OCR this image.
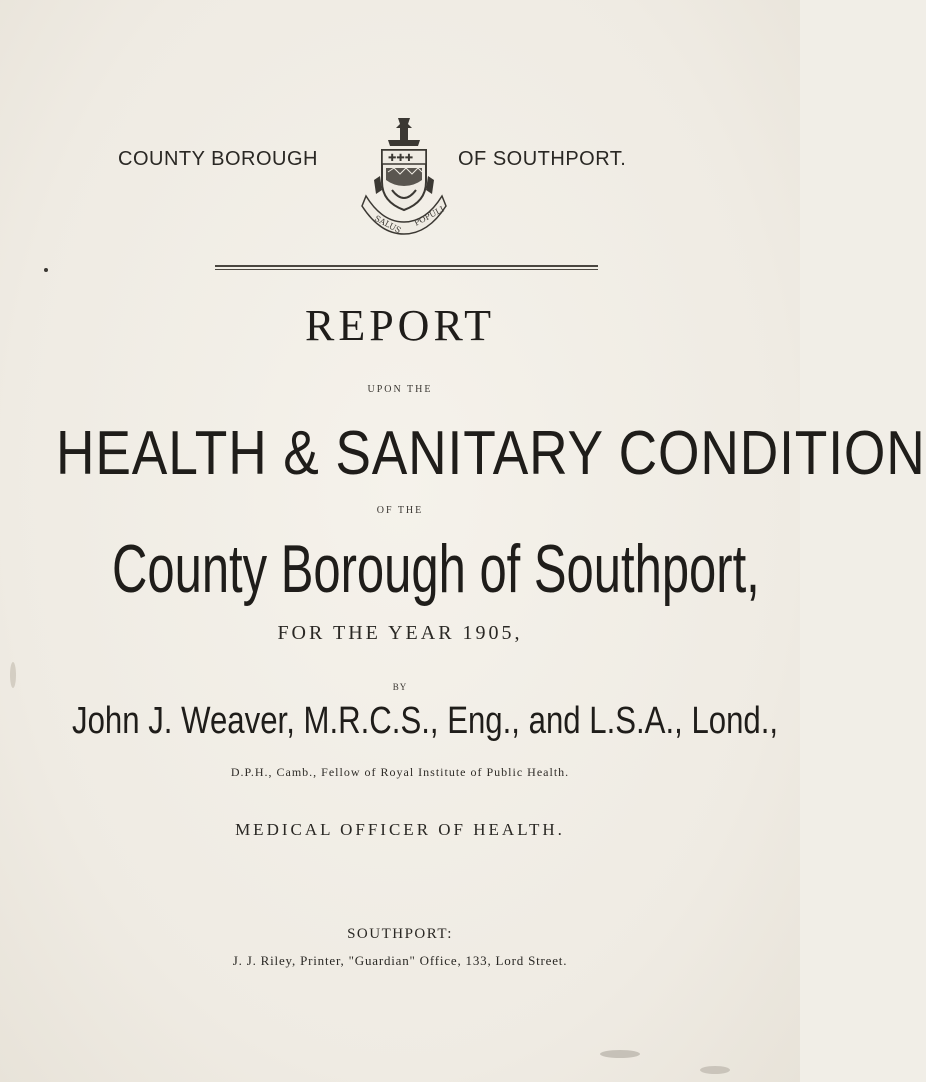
COUNTY BOROUGH	✚✚✚
SALUS POPULI
OF SOUTHPORT.
REPORT
UPON THE
HEALTH & SANITARY CONDITION
OF THE
County Borough of Southport,
FOR THE YEAR 1905,
BY
John J. Weaver, M.R.C.S., Eng., and L.S.A., Lond.,
D.P.H., Camb., Fellow of Royal Institute of Public Health.
MEDICAL OFFICER OF HEALTH.
SOUTHPORT:
J. J. Riley, Printer, "Guardian" Office, 133, Lord Street.
